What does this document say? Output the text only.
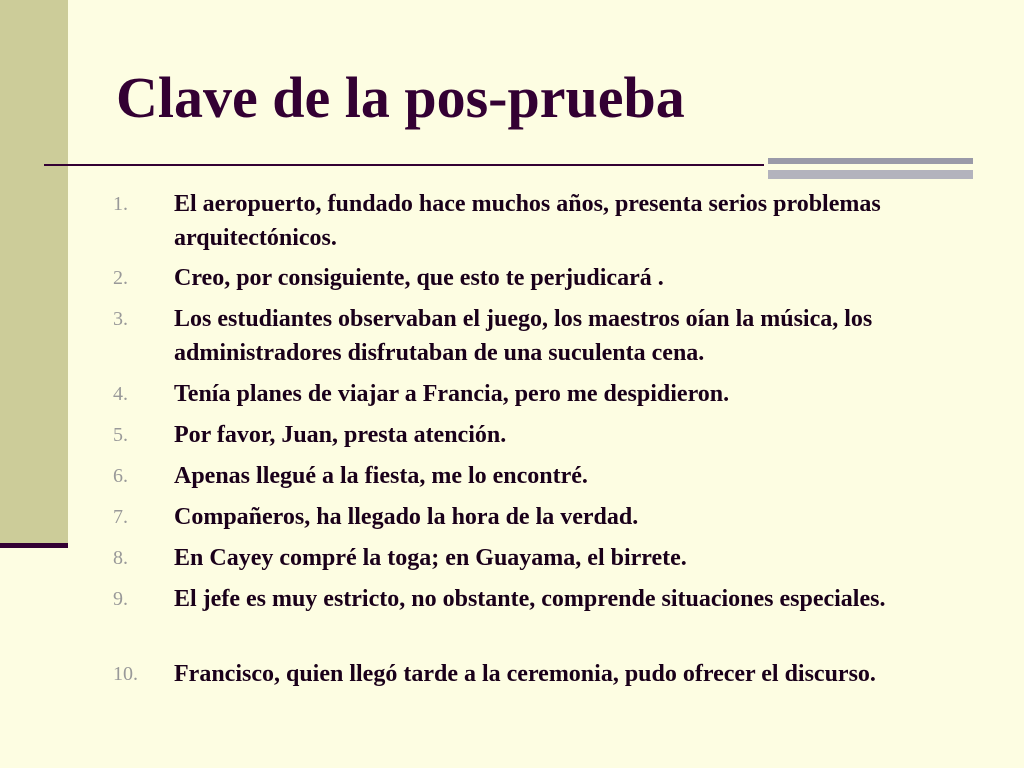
Clave de la pos-prueba
1. El aeropuerto, fundado hace muchos años, presenta serios problemas arquitectónicos.
2. Creo, por consiguiente, que esto te perjudicará .
3. Los estudiantes observaban el juego, los maestros oían la música, los administradores disfrutaban de una suculenta cena.
4. Tenía planes de viajar a Francia, pero me despidieron.
5. Por favor, Juan, presta atención.
6. Apenas llegué a la fiesta, me lo encontré.
7. Compañeros, ha llegado la hora de la verdad.
8. En Cayey compré la toga; en Guayama, el birrete.
9. El jefe es muy estricto, no obstante, comprende situaciones especiales.
10. Francisco, quien llegó tarde a la ceremonia, pudo ofrecer el discurso.
